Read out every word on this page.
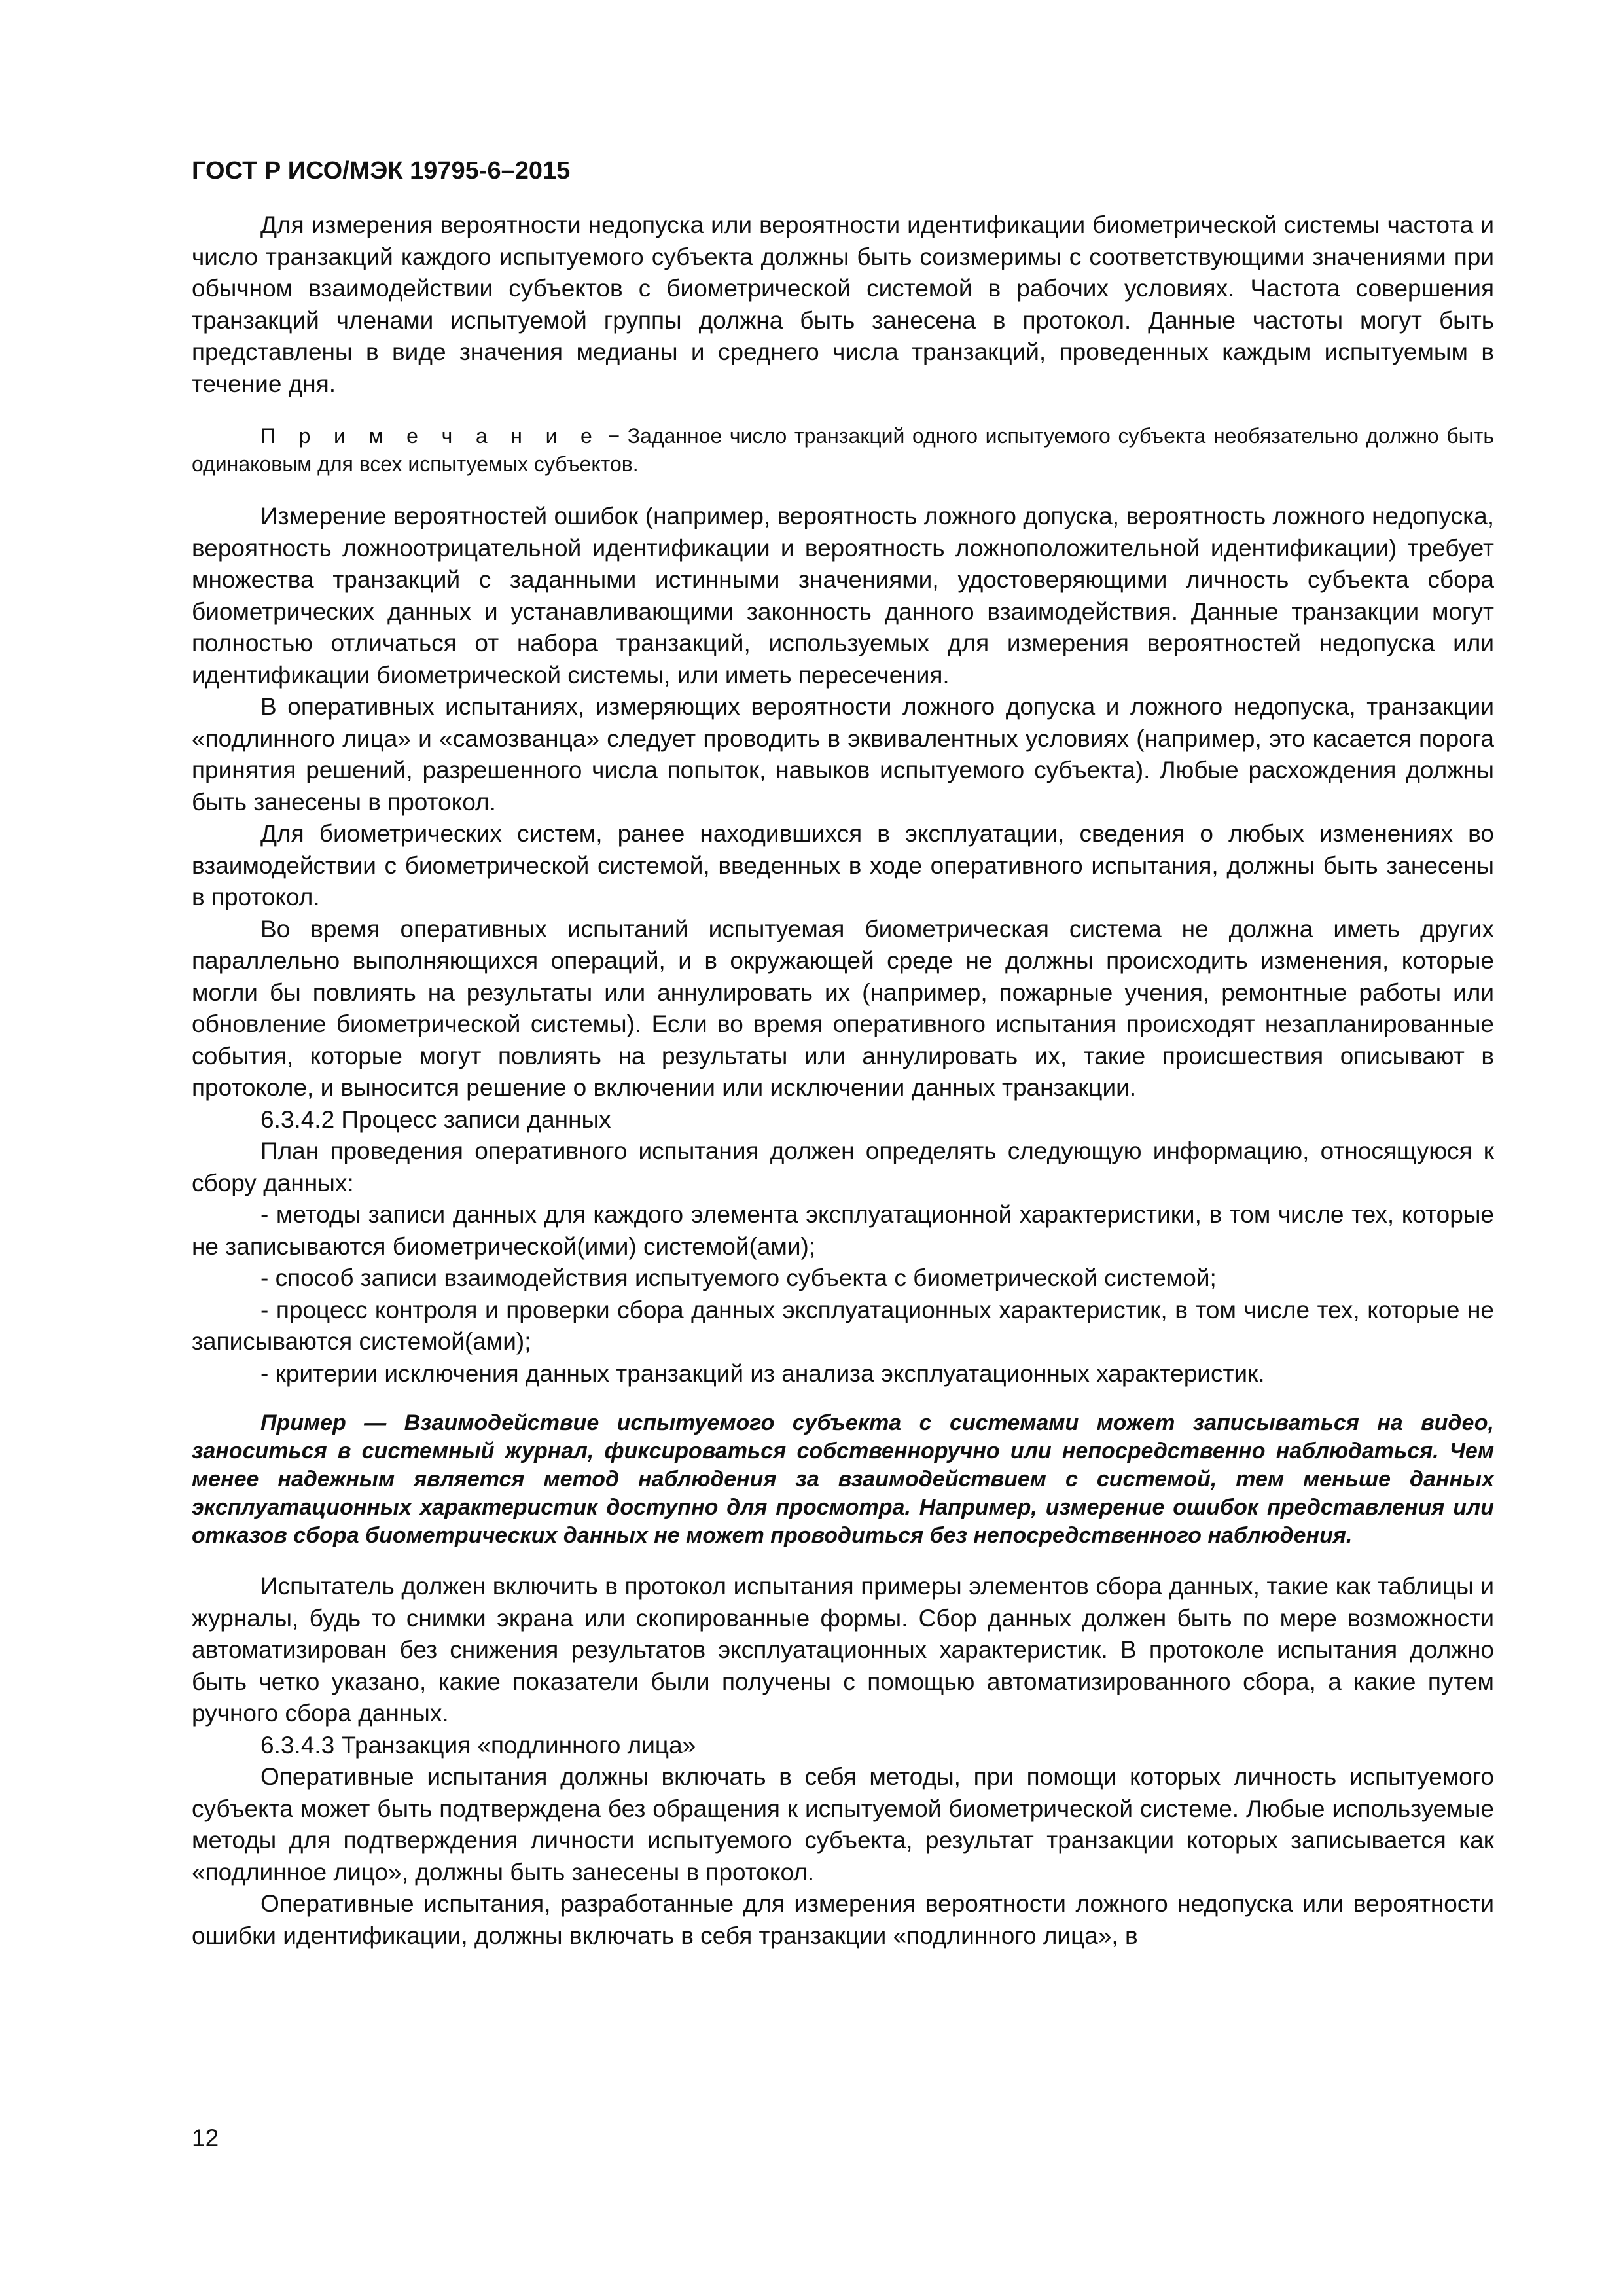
ГОСТ Р ИСО/МЭК 19795-6–2015

Для измерения вероятности недопуска или вероятности идентификации биометрической системы частота и число транзакций каждого испытуемого субъекта должны быть соизмеримы с соответствующими значениями при обычном взаимодействии субъектов с биометрической системой в рабочих условиях. Частота совершения транзакций членами испытуемой группы должна быть занесена в протокол. Данные частоты могут быть представлены в виде значения медианы и среднего числа транзакций, проведенных каждым испытуемым в течение дня.

П р и м е ч а н и е − Заданное число транзакций одного испытуемого субъекта необязательно должно быть одинаковым для всех испытуемых субъектов.

Измерение вероятностей ошибок (например, вероятность ложного допуска, вероятность ложного недопуска, вероятность ложноотрицательной идентификации и вероятность ложноположительной идентификации) требует множества транзакций с заданными истинными значениями, удостоверяющими личность субъекта сбора биометрических данных и устанавливающими законность данного взаимодействия. Данные транзакции могут полностью отличаться от набора транзакций, используемых для измерения вероятностей недопуска или идентификации биометрической системы, или иметь пересечения.

В оперативных испытаниях, измеряющих вероятности ложного допуска и ложного недопуска, транзакции «подлинного лица» и «самозванца» следует проводить в эквивалентных условиях (например, это касается порога принятия решений, разрешенного числа попыток, навыков испытуемого субъекта). Любые расхождения должны быть занесены в протокол.

Для биометрических систем, ранее находившихся в эксплуатации, сведения о любых изменениях во взаимодействии с биометрической системой, введенных в ходе оперативного испытания, должны быть занесены в протокол.

Во время оперативных испытаний испытуемая биометрическая система не должна иметь других параллельно выполняющихся операций, и в окружающей среде не должны происходить изменения, которые могли бы повлиять на результаты или аннулировать их (например, пожарные учения, ремонтные работы или обновление биометрической системы). Если во время оперативного испытания происходят незапланированные события, которые могут повлиять на результаты или аннулировать их, такие происшествия описывают в протоколе, и выносится решение о включении или исключении данных транзакции.

6.3.4.2 Процесс записи данных

План проведения оперативного испытания должен определять следующую информацию, относящуюся к сбору данных:

- методы записи данных для каждого элемента эксплуатационной характеристики, в том числе тех, которые не записываются биометрической(ими) системой(ами);

- способ записи взаимодействия испытуемого субъекта с биометрической системой;

- процесс контроля и проверки сбора данных эксплуатационных характеристик, в том числе тех, которые не записываются системой(ами);

- критерии исключения данных транзакций из анализа эксплуатационных характеристик.

Пример — Взаимодействие испытуемого субъекта с системами может записываться на видео, заноситься в системный журнал, фиксироваться собственноручно или непосредственно наблюдаться. Чем менее надежным является метод наблюдения за взаимодействием с системой, тем меньше данных эксплуатационных характеристик доступно для просмотра. Например, измерение ошибок представления или отказов сбора биометрических данных не может проводиться без непосредственного наблюдения.

Испытатель должен включить в протокол испытания примеры элементов сбора данных, такие как таблицы и журналы, будь то снимки экрана или скопированные формы. Сбор данных должен быть по мере возможности автоматизирован без снижения результатов эксплуатационных характеристик. В протоколе испытания должно быть четко указано, какие показатели были получены с помощью автоматизированного сбора, а какие путем ручного сбора данных.

6.3.4.3 Транзакция «подлинного лица»

Оперативные испытания должны включать в себя методы, при помощи которых личность испытуемого субъекта может быть подтверждена без обращения к испытуемой биометрической системе. Любые используемые методы для подтверждения личности испытуемого субъекта, результат транзакции которых записывается как «подлинное лицо», должны быть занесены в протокол.

Оперативные испытания, разработанные для измерения вероятности ложного недопуска или вероятности ошибки идентификации, должны включать в себя транзакции «подлинного лица», в

12
